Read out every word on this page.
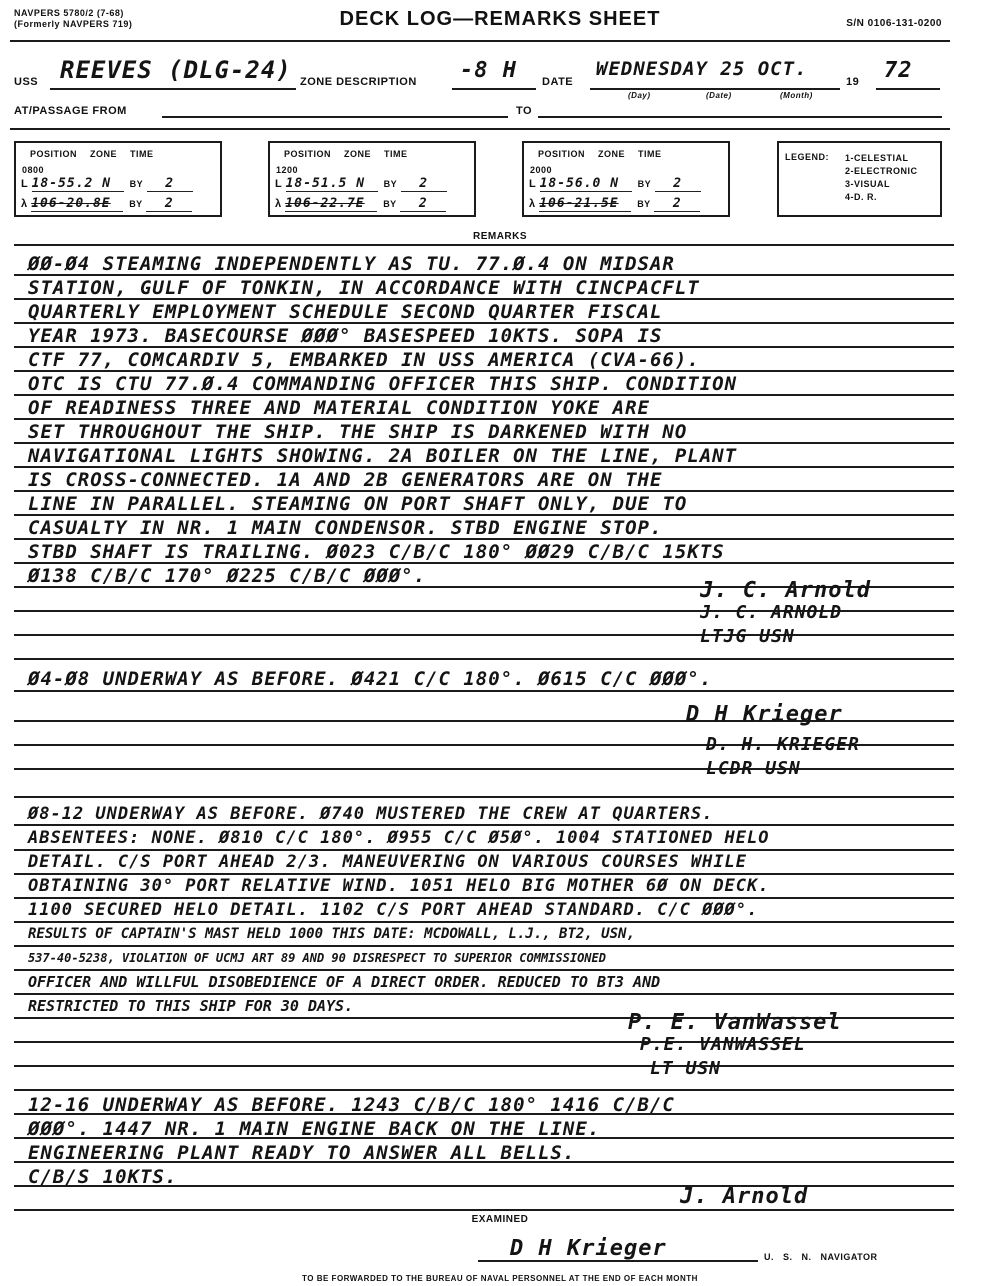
NAVPERS 5780/2 (7-68)
(Formerly NAVPERS 719)	DECK LOG—REMARKS SHEET	S/N 0106-131-0200
USS REEVES (DLG-24) ZONE DESCRIPTION	-8 H	DATE
WEDNESDAY 25 OCT.
19	72
(Day)	(Date)	(Month)
AT/PASSAGE FROM	TO
POSITION ZONE TIME
0800
L 18-55.2 N BY 2
λ 106-20.8E BY 2
POSITION ZONE TIME
1200
L 18-51.5 N BY 2
λ 106-22.7E BY 2
POSITION ZONE TIME
2000
L 18-56.0 N BY 2
λ 106-21.5E BY 2
LEGEND: 1-CELESTIAL
2-ELECTRONIC
3-VISUAL
4-D. R.
REMARKS
ØØ-Ø4 STEAMING INDEPENDENTLY AS TU. 77.Ø.4 ON MIDSAR
STATION, GULF OF TONKIN, IN ACCORDANCE WITH CINCPACFLT
QUARTERLY EMPLOYMENT SCHEDULE SECOND QUARTER FISCAL
YEAR 1973. BASECOURSE ØØØ° BASESPEED 10KTS. SOPA IS
CTF 77, COMCARDIV 5, EMBARKED IN USS AMERICA (CVA-66).
OTC IS CTU 77.Ø.4 COMMANDING OFFICER THIS SHIP. CONDITION
OF READINESS THREE AND MATERIAL CONDITION YOKE ARE
SET THROUGHOUT THE SHIP. THE SHIP IS DARKENED WITH NO
NAVIGATIONAL LIGHTS SHOWING. 2A BOILER ON THE LINE, PLANT
IS CROSS-CONNECTED. 1A AND 2B GENERATORS ARE ON THE
LINE IN PARALLEL. STEAMING ON PORT SHAFT ONLY, DUE TO
CASUALTY IN NR. 1 MAIN CONDENSOR. STBD ENGINE STOP.
STBD SHAFT IS TRAILING. Ø023 C/B/C 180° ØØ29 C/B/C 15KTS
Ø138 C/B/C 170° Ø225 C/B/C ØØØ°.
J. C. Arnold
J. C. ARNOLD
LTJG USN
Ø4-Ø8 UNDERWAY AS BEFORE. Ø421 C/C 180°. Ø615 C/C ØØØ°.
D H Krieger
D. H. KRIEGER
LCDR USN
Ø8-12 UNDERWAY AS BEFORE. Ø740 MUSTERED THE CREW AT QUARTERS.
ABSENTEES: NONE. Ø810 C/C 180°. Ø955 C/C Ø5Ø°. 1004 STATIONED HELO
DETAIL. C/S PORT AHEAD 2/3. MANEUVERING ON VARIOUS COURSES WHILE
OBTAINING 30° PORT RELATIVE WIND. 1051 HELO BIG MOTHER 6Ø ON DECK.
1100 SECURED HELO DETAIL. 1102 C/S PORT AHEAD STANDARD. C/C ØØØ°.
RESULTS OF CAPTAIN'S MAST HELD 1000 THIS DATE: MCDOWALL, L.J., BT2, USN,
537-40-5238, VIOLATION OF UCMJ ART 89 AND 90 DISRESPECT TO SUPERIOR COMMISSIONED
OFFICER AND WILLFUL DISOBEDIENCE OF A DIRECT ORDER. REDUCED TO BT3 AND
RESTRICTED TO THIS SHIP FOR 30 DAYS.
P. E. VanWassel
P.E. VANWASSEL
LT USN
12-16 UNDERWAY AS BEFORE. 1243 C/B/C 180° 1416 C/B/C
ØØØ°. 1447 NR. 1 MAIN ENGINE BACK ON THE LINE.
ENGINEERING PLANT READY TO ANSWER ALL BELLS.
C/B/S 10KTS.
J. Arnold
EXAMINED
D H Krieger	U. S. N. NAVIGATOR
TO BE FORWARDED TO THE BUREAU OF NAVAL PERSONNEL AT THE END OF EACH MONTH
